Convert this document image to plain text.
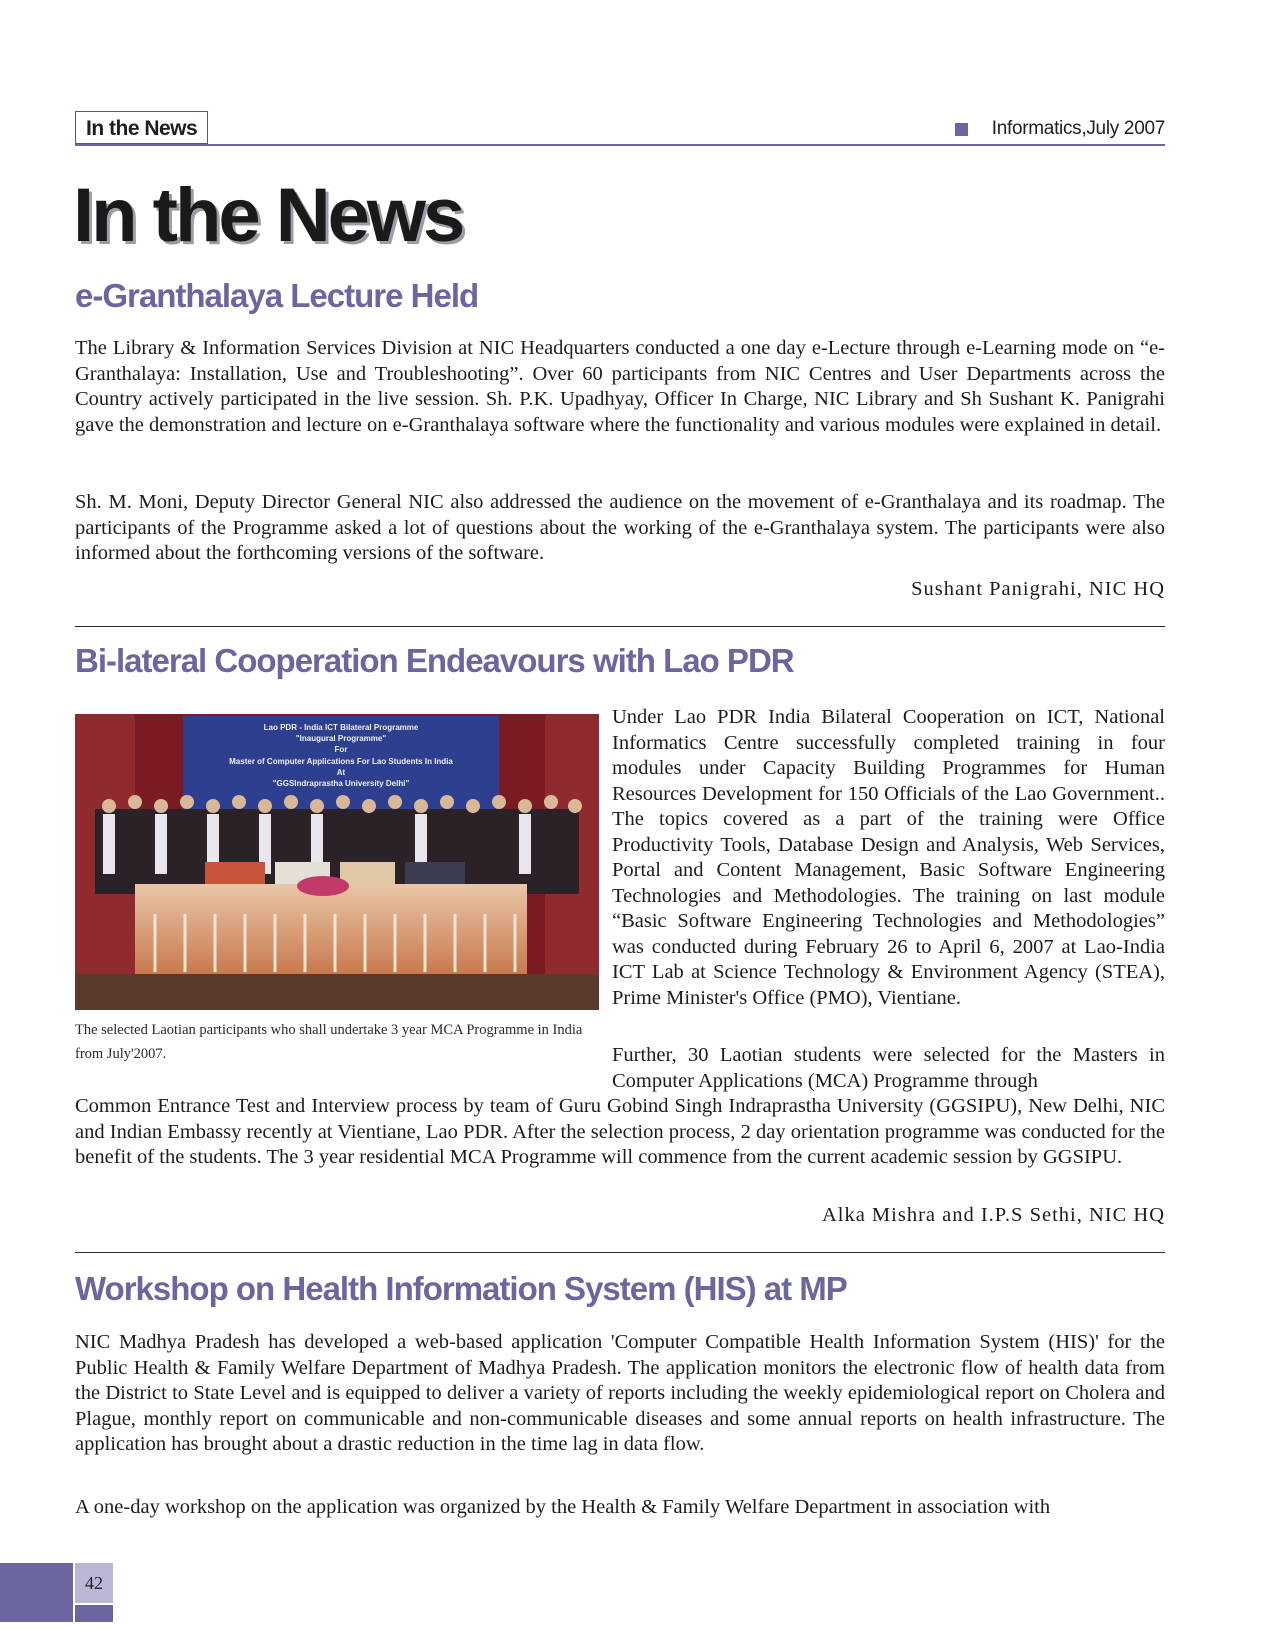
In the News	Informatics,July 2007
In the News
e-Granthalaya Lecture Held

The Library & Information Services Division at NIC Headquarters conducted a one day e-Lecture through e-Learning mode on “e-Granthalaya: Installation, Use and Troubleshooting”. Over 60 participants from NIC Centres and User Departments across the Country actively participated in the live session. Sh. P.K. Upadhyay, Officer In Charge, NIC Library and Sh Sushant K. Panigrahi gave the demonstration and lecture on e-Granthalaya software where the functionality and various modules were explained in detail.

Sh. M. Moni, Deputy Director General NIC also addressed the audience on the movement of e-Granthalaya and its roadmap. The participants of the Programme asked a lot of questions about the working of the e-Granthalaya system. The participants were also informed about the forthcoming versions of the software.

Sushant Panigrahi, NIC HQ
Bi-lateral Cooperation Endeavours with Lao PDR
Lao PDR - India ICT Bilateral Programme
"Inaugural Programme"
For
Master of Computer Applications For Lao Students In India
At
"GGSIndraprastha University Delhi"
The selected Laotian participants who shall undertake 3 year MCA Programme in India from July'2007.

Under Lao PDR India Bilateral Cooperation on ICT, National Informatics Centre successfully completed training in four modules under Capacity Building Programmes for Human Resources Development for 150 Officials of the Lao Government.. The topics covered as a part of the training were Office Productivity Tools, Database Design and Analysis, Web Services, Portal and Content Management, Basic Software Engineering Technologies and Methodologies. The training on last module “Basic Software Engineering Technologies and Methodologies” was conducted during February 26 to April 6, 2007 at Lao-India ICT Lab at Science Technology & Environment Agency (STEA), Prime Minister's Office (PMO), Vientiane.

Further, 30 Laotian students were selected for the Masters in Computer Applications (MCA) Programme through

Common Entrance Test and Interview process by team of Guru Gobind Singh Indraprastha University (GGSIPU), New Delhi, NIC and Indian Embassy recently at Vientiane, Lao PDR. After the selection process, 2 day orientation programme was conducted for the benefit of the students. The 3 year residential MCA Programme will commence from the current academic session by GGSIPU.

Alka Mishra and I.P.S Sethi, NIC HQ
Workshop on Health Information System (HIS) at MP

NIC Madhya Pradesh has developed a web-based application 'Computer Compatible Health Information System (HIS)' for the Public Health & Family Welfare Department of Madhya Pradesh. The application monitors the electronic flow of health data from the District to State Level and is equipped to deliver a variety of reports including the weekly epidemiological report on Cholera and Plague, monthly report on communicable and non-communicable diseases and some annual reports on health infrastructure. The application has brought about a drastic reduction in the time lag in data flow.

A one-day workshop on the application was organized by the Health & Family Welfare Department in association with

42
